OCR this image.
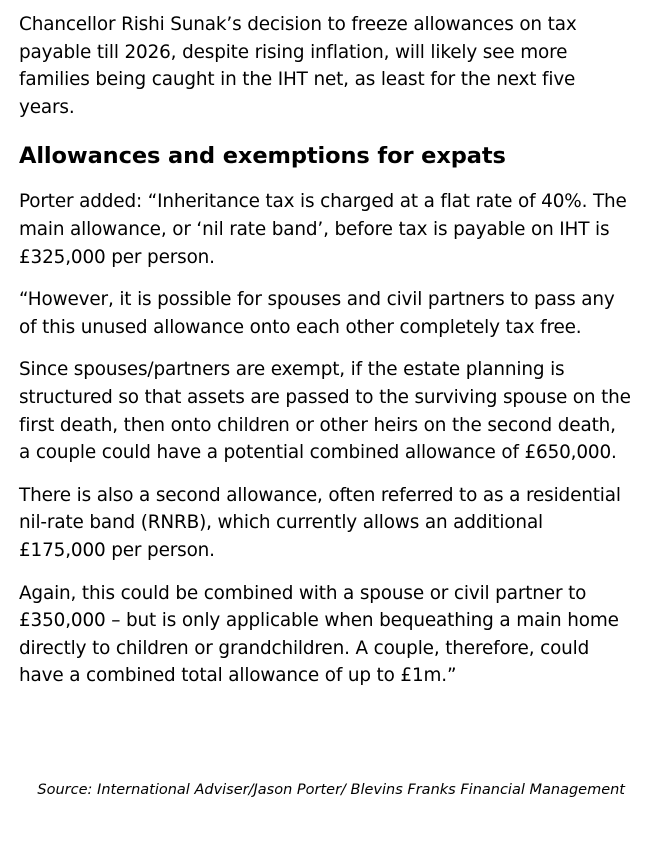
Chancellor Rishi Sunak’s decision to freeze allowances on tax payable till 2026, despite rising inflation, will likely see more families being caught in the IHT net, as least for the next five years.

Allowances and exemptions for expats

Porter added: “Inheritance tax is charged at a flat rate of 40%. The main allowance, or ‘nil rate band’, before tax is payable on IHT is £325,000 per person.

“However, it is possible for spouses and civil partners to pass any of this unused allowance onto each other completely tax free.

Since spouses/partners are exempt, if the estate planning is structured so that assets are passed to the surviving spouse on the first death, then onto children or other heirs on the second death, a couple could have a potential combined allowance of £650,000.

There is also a second allowance, often referred to as a residential nil-rate band (RNRB), which currently allows an additional £175,000 per person.

Again, this could be combined with a spouse or civil partner to £350,000 – but is only applicable when bequeathing a main home directly to children or grandchildren. A couple, therefore, could have a combined total allowance of up to £1m.”

Source: International Adviser/Jason Porter/ Blevins Franks Financial Management
